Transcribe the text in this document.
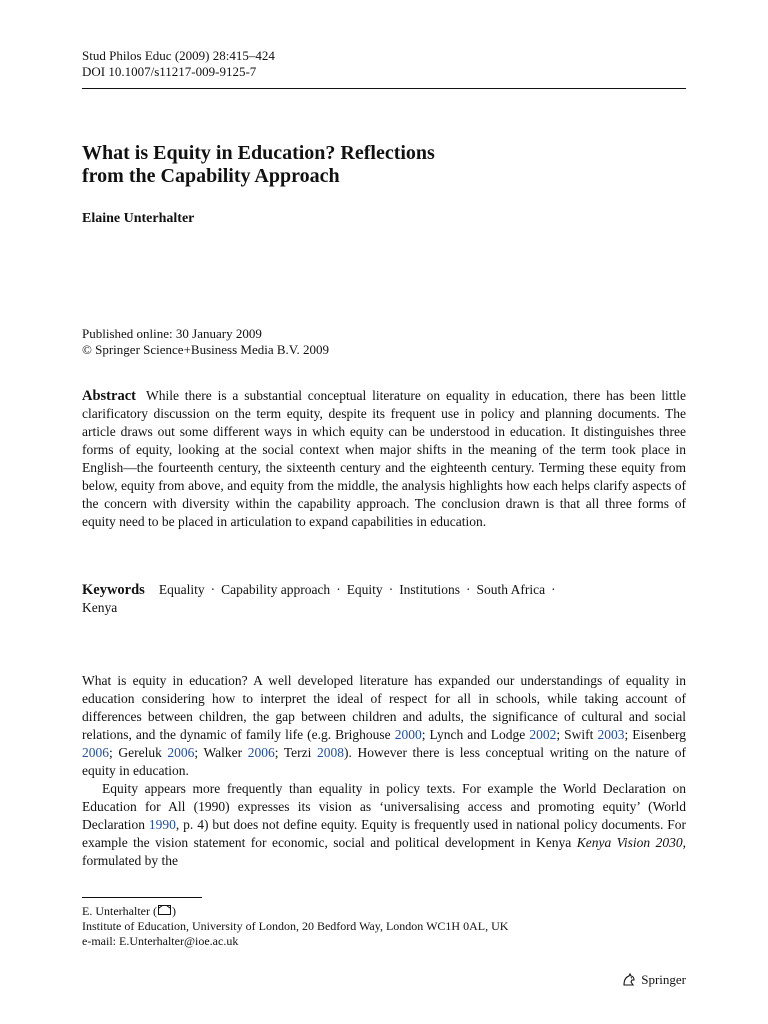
Stud Philos Educ (2009) 28:415–424
DOI 10.1007/s11217-009-9125-7
What is Equity in Education? Reflections
from the Capability Approach
Elaine Unterhalter
Published online: 30 January 2009
© Springer Science+Business Media B.V. 2009
Abstract While there is a substantial conceptual literature on equality in education, there has been little clarificatory discussion on the term equity, despite its frequent use in policy and planning documents. The article draws out some different ways in which equity can be understood in education. It distinguishes three forms of equity, looking at the social context when major shifts in the meaning of the term took place in English—the fourteenth century, the sixteenth century and the eighteenth century. Terming these equity from below, equity from above, and equity from the middle, the analysis highlights how each helps clarify aspects of the concern with diversity within the capability approach. The conclusion drawn is that all three forms of equity need to be placed in articulation to expand capabilities in education.
Keywords Equality · Capability approach · Equity · Institutions · South Africa ·
Kenya

What is equity in education? A well developed literature has expanded our understandings of equality in education considering how to interpret the ideal of respect for all in schools, while taking account of differences between children, the gap between children and adults, the significance of cultural and social relations, and the dynamic of family life (e.g. Brighouse 2000; Lynch and Lodge 2002; Swift 2003; Eisenberg 2006; Gereluk 2006; Walker 2006; Terzi 2008). However there is less conceptual writing on the nature of equity in education.

Equity appears more frequently than equality in policy texts. For example the World Declaration on Education for All (1990) expresses its vision as ‘universalising access and promoting equity’ (World Declaration 1990, p. 4) but does not define equity. Equity is frequently used in national policy documents. For example the vision statement for economic, social and political development in Kenya Kenya Vision 2030, formulated by the

E. Unterhalter ( )
Institute of Education, University of London, 20 Bedford Way, London WC1H 0AL, UK
e-mail: E.Unterhalter@ioe.ac.uk
Springer
